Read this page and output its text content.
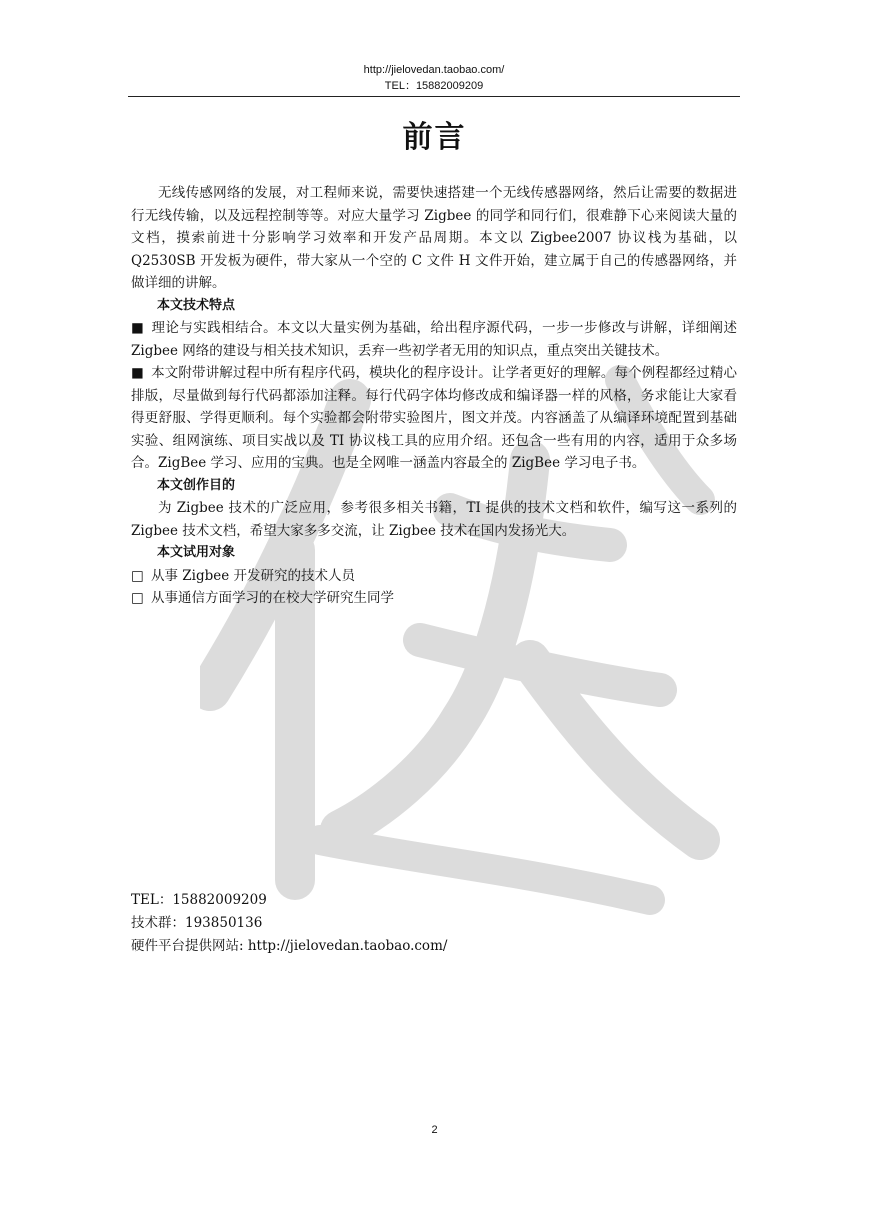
http://jielovedan.taobao.com/
TEL：15882009209
前言

无线传感网络的发展，对工程师来说，需要快速搭建一个无线传感器网络，然后让需要的数据进行无线传输，以及远程控制等等。对应大量学习 Zigbee 的同学和同行们，很难静下心来阅读大量的文档，摸索前进十分影响学习效率和开发产品周期。本文以 Zigbee2007 协议栈为基础，以 Q2530SB 开发板为硬件，带大家从一个空的 C 文件 H 文件开始，建立属于自己的传感器网络，并做详细的讲解。

本文技术特点

■ 理论与实践相结合。本文以大量实例为基础，给出程序源代码，一步一步修改与讲解，详细阐述 Zigbee 网络的建设与相关技术知识，丢弃一些初学者无用的知识点，重点突出关键技术。

■ 本文附带讲解过程中所有程序代码，模块化的程序设计。让学者更好的理解。每个例程都经过精心排版，尽量做到每行代码都添加注释。每行代码字体均修改成和编译器一样的风格，务求能让大家看得更舒服、学得更顺利。每个实验都会附带实验图片，图文并茂。内容涵盖了从编译环境配置到基础实验、组网演练、项目实战以及 TI 协议栈工具的应用介绍。还包含一些有用的内容，适用于众多场合。ZigBee 学习、应用的宝典。也是全网唯一涵盖内容最全的 ZigBee 学习电子书。

本文创作目的

为 Zigbee 技术的广泛应用，参考很多相关书籍，TI 提供的技术文档和软件，编写这一系列的 Zigbee 技术文档，希望大家多多交流，让 Zigbee 技术在国内发扬光大。

本文试用对象

□ 从事 Zigbee 开发研究的技术人员

□ 从事通信方面学习的在校大学研究生同学

TEL：15882009209
技术群：193850136
硬件平台提供网站: http://jielovedan.taobao.com/
2
